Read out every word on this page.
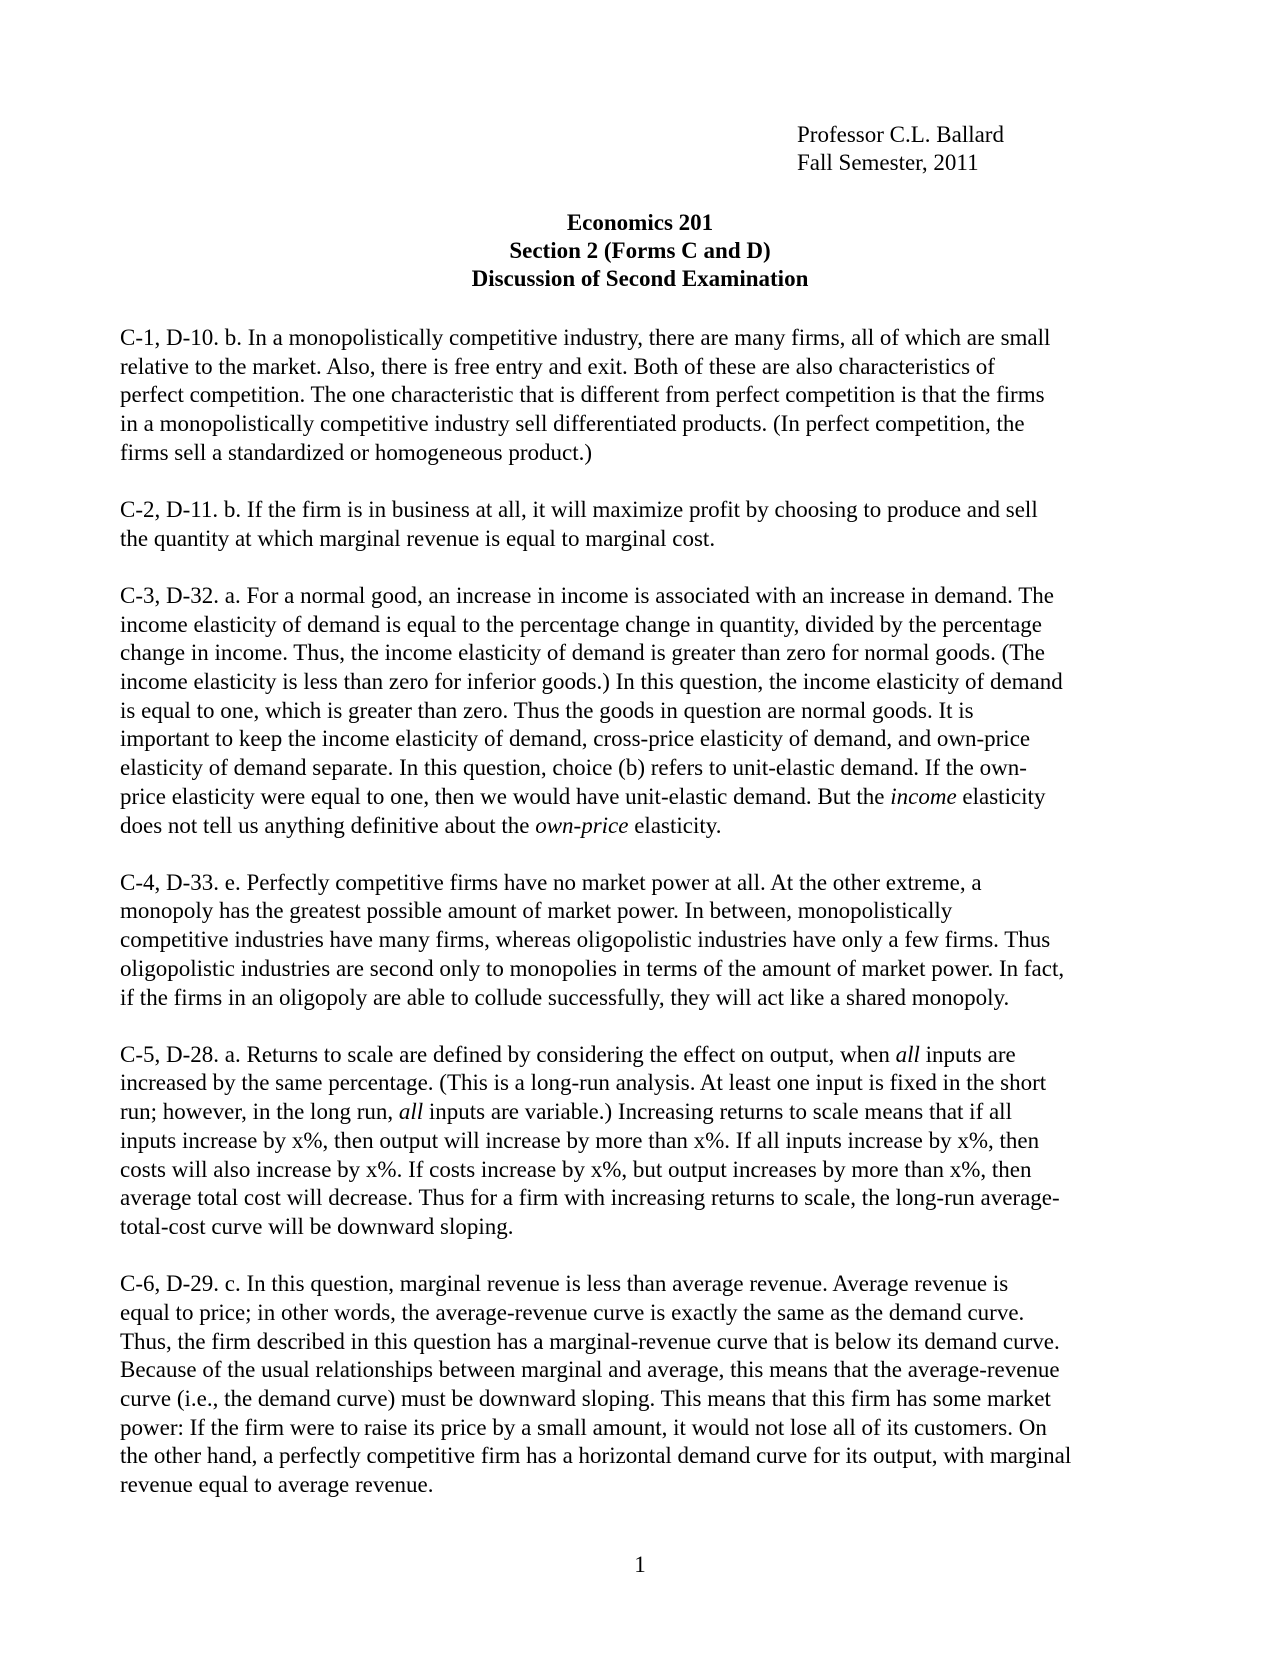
Professor C.L. Ballard
Fall Semester, 2011
Economics 201
Section 2 (Forms C and D)
Discussion of Second Examination
C-1, D-10. b. In a monopolistically competitive industry, there are many firms, all of which are small
relative to the market. Also, there is free entry and exit. Both of these are also characteristics of
perfect competition. The one characteristic that is different from perfect competition is that the firms
in a monopolistically competitive industry sell differentiated products. (In perfect competition, the
firms sell a standardized or homogeneous product.)
C-2, D-11. b. If the firm is in business at all, it will maximize profit by choosing to produce and sell
the quantity at which marginal revenue is equal to marginal cost.
C-3, D-32. a. For a normal good, an increase in income is associated with an increase in demand. The
income elasticity of demand is equal to the percentage change in quantity, divided by the percentage
change in income. Thus, the income elasticity of demand is greater than zero for normal goods. (The
income elasticity is less than zero for inferior goods.) In this question, the income elasticity of demand
is equal to one, which is greater than zero. Thus the goods in question are normal goods. It is
important to keep the income elasticity of demand, cross-price elasticity of demand, and own-price
elasticity of demand separate. In this question, choice (b) refers to unit-elastic demand. If the own-
price elasticity were equal to one, then we would have unit-elastic demand. But the income elasticity
does not tell us anything definitive about the own-price elasticity.
C-4, D-33. e. Perfectly competitive firms have no market power at all. At the other extreme, a
monopoly has the greatest possible amount of market power. In between, monopolistically
competitive industries have many firms, whereas oligopolistic industries have only a few firms. Thus
oligopolistic industries are second only to monopolies in terms of the amount of market power. In fact,
if the firms in an oligopoly are able to collude successfully, they will act like a shared monopoly.
C-5, D-28. a. Returns to scale are defined by considering the effect on output, when all inputs are
increased by the same percentage. (This is a long-run analysis. At least one input is fixed in the short
run; however, in the long run, all inputs are variable.) Increasing returns to scale means that if all
inputs increase by x%, then output will increase by more than x%. If all inputs increase by x%, then
costs will also increase by x%. If costs increase by x%, but output increases by more than x%, then
average total cost will decrease. Thus for a firm with increasing returns to scale, the long-run average-
total-cost curve will be downward sloping.
C-6, D-29. c. In this question, marginal revenue is less than average revenue. Average revenue is
equal to price; in other words, the average-revenue curve is exactly the same as the demand curve.
Thus, the firm described in this question has a marginal-revenue curve that is below its demand curve.
Because of the usual relationships between marginal and average, this means that the average-revenue
curve (i.e., the demand curve) must be downward sloping. This means that this firm has some market
power: If the firm were to raise its price by a small amount, it would not lose all of its customers. On
the other hand, a perfectly competitive firm has a horizontal demand curve for its output, with marginal
revenue equal to average revenue.
1
